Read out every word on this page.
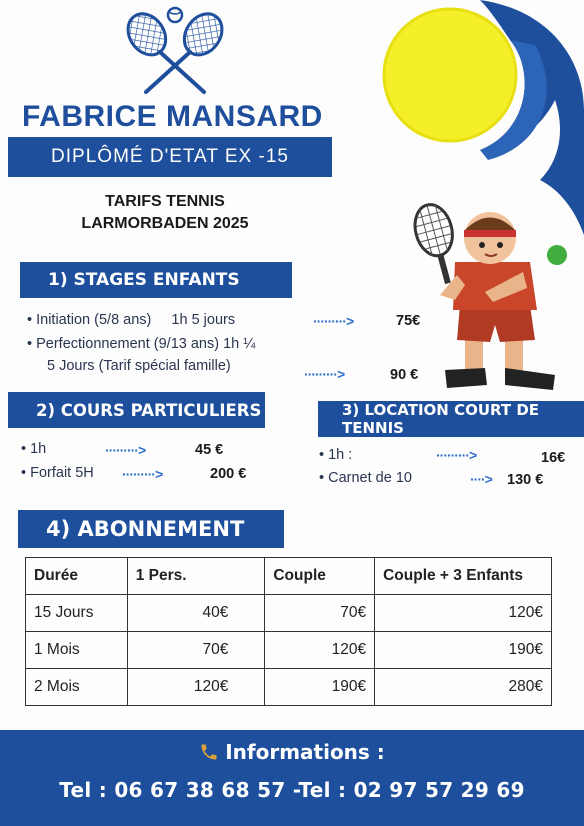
FABRICE MANSARD
DIPLÔMÉ D'ETAT EX -15
TARIFS TENNIS
LARMORBADEN 2025
1) STAGES ENFANTS
• Initiation (5/8 ans) 1h 5 jours	·········>	75€
• Perfectionnement (9/13 ans) 1h ¼
5 Jours (Tarif spécial famille)	·········>	90 €
2) COURS PARTICULIERS
• 1h	·········>	45 €
• Forfait 5H ·········>	200 €
3) LOCATION COURT DE TENNIS
• 1h :	·········>	16€
• Carnet de 10	····> 130 €
4) ABONNEMENT
Durée	1 Pers.	Couple	Couple + 3 Enfants
15 Jours	40€	70€	120€
1 Mois	70€	120€	190€
2 Mois	120€	190€	280€
Informations :
Tel : 06 67 38 68 57 -Tel : 02 97 57 29 69
